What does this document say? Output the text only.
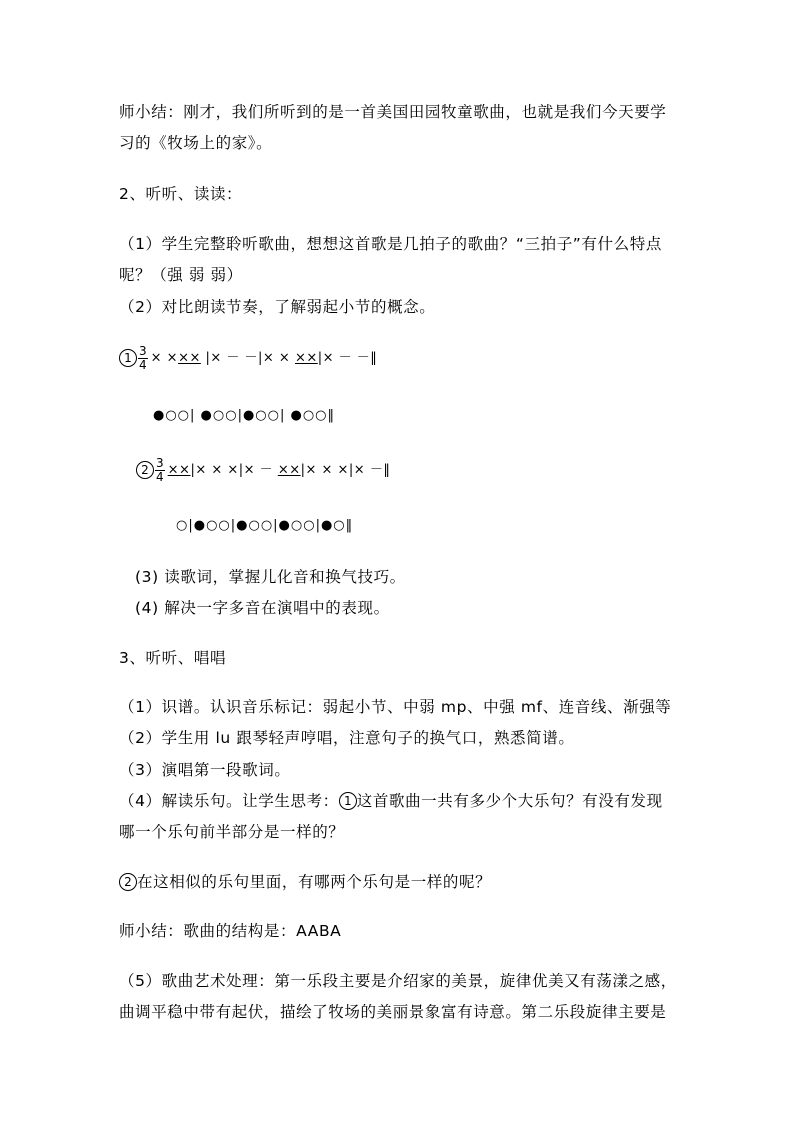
师小结：刚才，我们所听到的是一首美国田园牧童歌曲，也就是我们今天要学
习的《牧场上的家》。
2、听听、读读：
（1）学生完整聆听歌曲，想想这首歌是几拍子的歌曲？“三拍子”有什么特点
呢？（强 弱 弱）
（2）对比朗读节奏，了解弱起小节的概念。
$1 \frac{3}{4}$ × ××× |× － －|× × ××|× － －‖
●○○| ●○○|●○○| ●○○‖
$2 \frac{3}{4}$ ××|× × ×|× － ××|× × ×|× －‖
○|●○○|●○○|●○○|●○‖
(3) 读歌词，掌握儿化音和换气技巧。
(4) 解决一字多音在演唱中的表现。
3、听听、唱唱
（1）识谱。认识音乐标记：弱起小节、中弱 mp、中强 mf、连音线、渐强等
（2）学生用 lu 跟琴轻声哼唱，注意句子的换气口，熟悉简谱。
（3）演唱第一段歌词。
（4）解读乐句。让学生思考： 1 这首歌曲一共有多少个大乐句？有没有发现
哪一个乐句前半部分是一样的？
2 在这相似的乐句里面，有哪两个乐句是一样的呢？
师小结：歌曲的结构是：AABA
（5）歌曲艺术处理：第一乐段主要是介绍家的美景，旋律优美又有荡漾之感，
曲调平稳中带有起伏，描绘了牧场的美丽景象富有诗意。第二乐段旋律主要是
